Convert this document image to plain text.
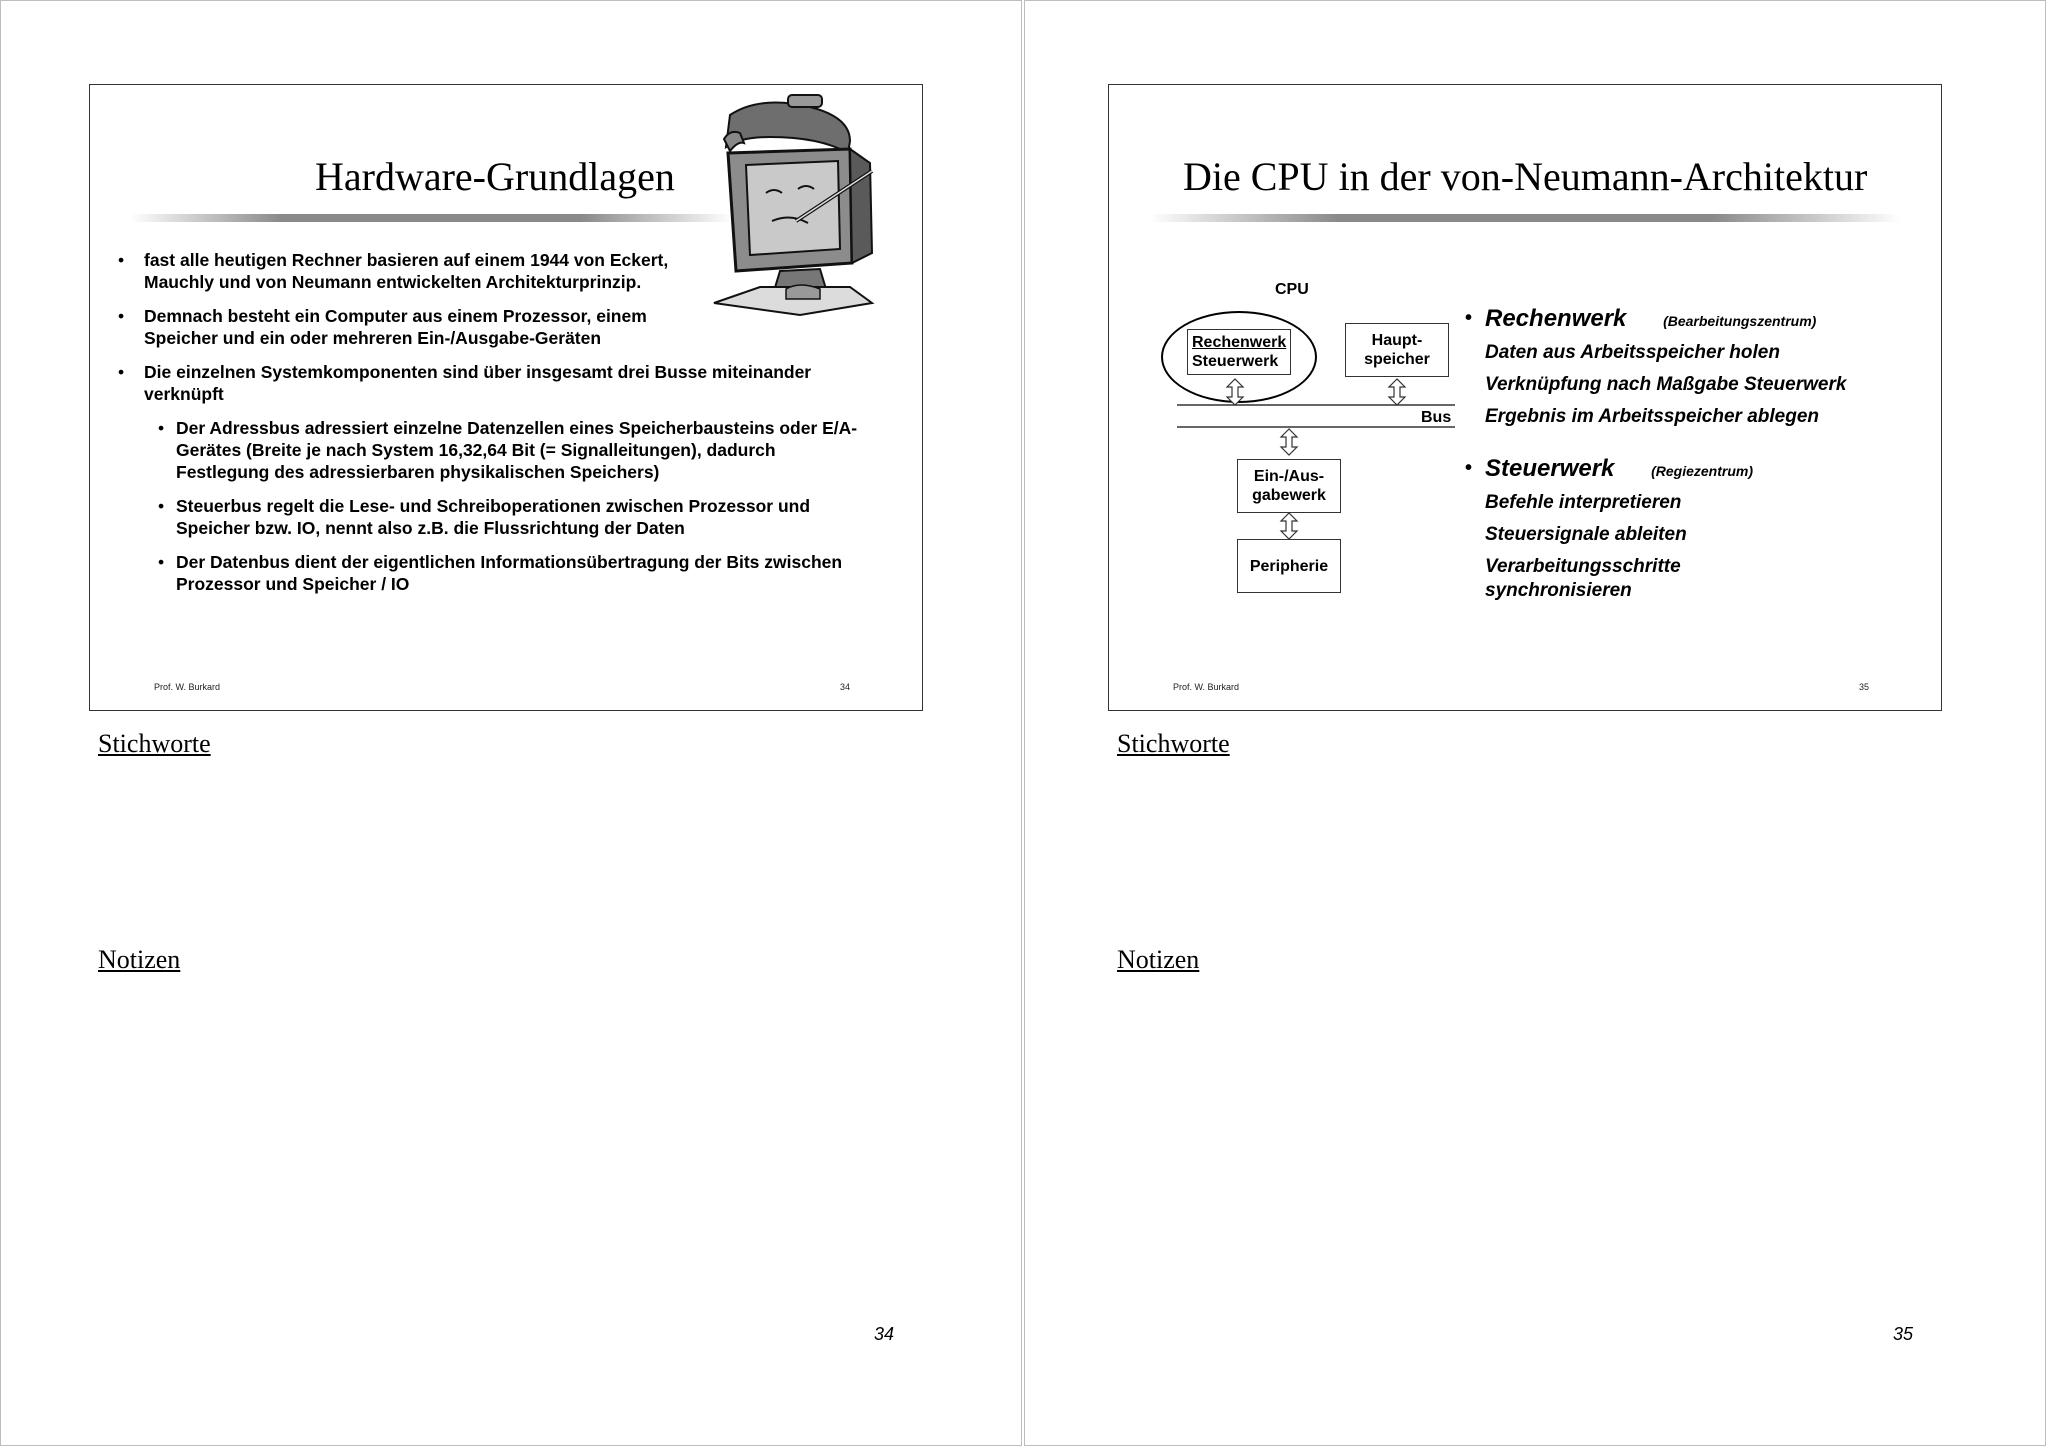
Hardware-Grundlagen
• fast alle heutigen Rechner basieren auf einem 1944 von Eckert, Mauchly und von Neumann entwickelten Architekturprinzip.
• Demnach besteht ein Computer aus einem Prozessor, einem Speicher und ein oder mehreren Ein-/Ausgabe-Geräten
• Die einzelnen Systemkomponenten sind über insgesamt drei Busse miteinander verknüpft
• Der Adressbus adressiert einzelne Datenzellen eines Speicherbausteins oder E/A-Gerätes (Breite je nach System 16,32,64 Bit (= Signalleitungen), dadurch Festlegung des adressierbaren physikalischen Speichers)
• Steuerbus regelt die Lese- und Schreiboperationen zwischen Prozessor und Speicher bzw. IO, nennt also z.B. die Flussrichtung der Daten
• Der Datenbus dient der eigentlichen Informationsübertragung der Bits zwischen Prozessor und Speicher / IO
Prof. W. Burkard	34
Stichworte
Notizen
34
Die CPU in der von-Neumann-Architektur
CPU
Rechenwerk
Steuerwerk
Haupt-
speicher
Bus
Ein-/Aus-
gabewerk
Peripherie
• Rechenwerk	(Bearbeitungszentrum)
Daten aus Arbeitsspeicher holen
Verknüpfung nach Maßgabe Steuerwerk
Ergebnis im Arbeitsspeicher ablegen
• Steuerwerk	(Regiezentrum)
Befehle interpretieren
Steuersignale ableiten
Verarbeitungsschritte synchronisieren
Prof. W. Burkard	35
Stichworte
Notizen
35
